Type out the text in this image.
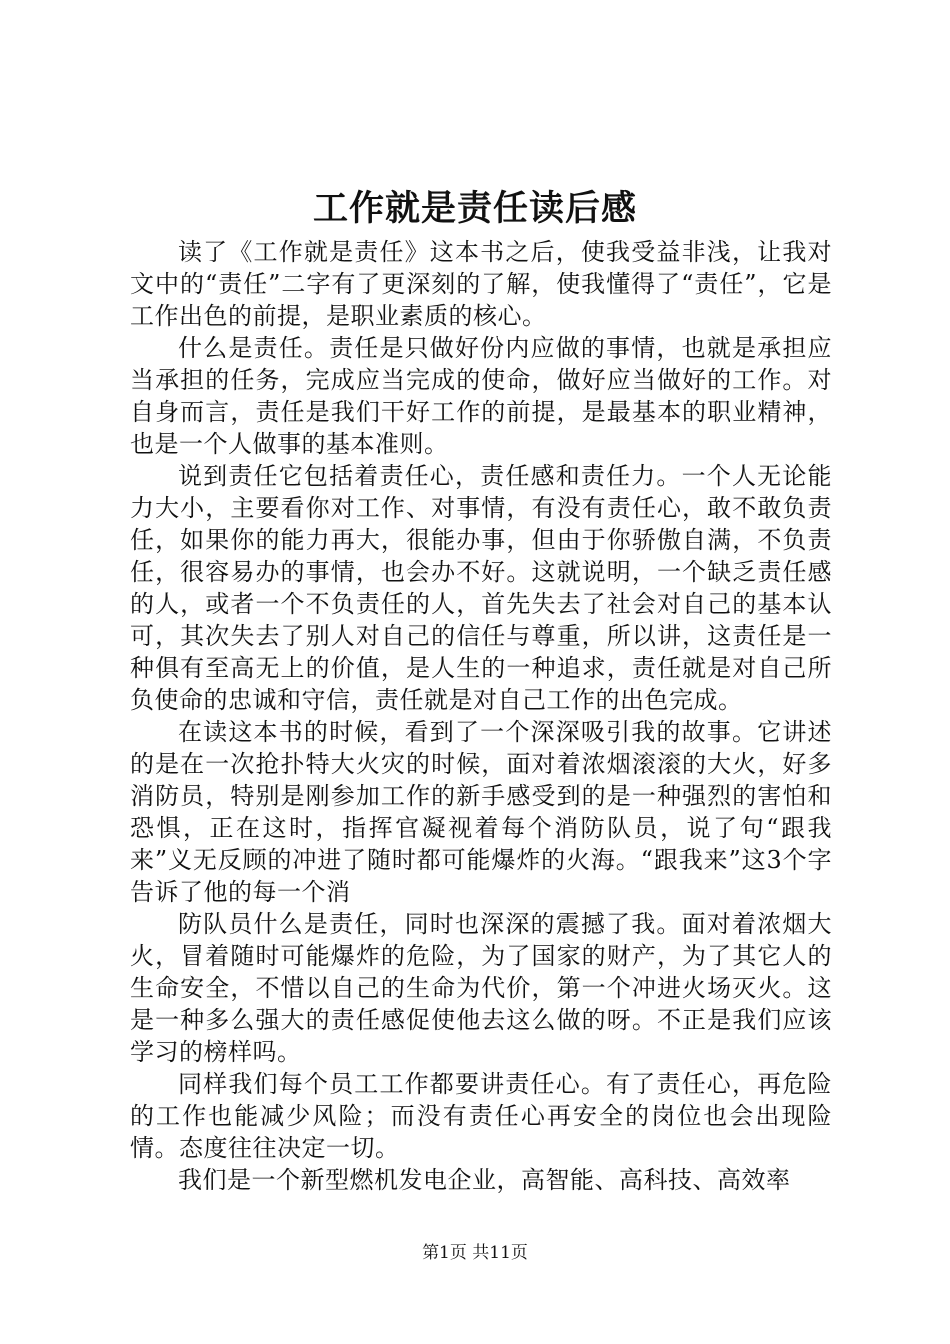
工作就是责任读后感

读了《工作就是责任》这本书之后，使我受益非浅，让我对文中的“责任”二字有了更深刻的了解，使我懂得了“责任”，它是工作出色的前提，是职业素质的核心。

什么是责任。责任是只做好份内应做的事情，也就是承担应当承担的任务，完成应当完成的使命，做好应当做好的工作。对自身而言，责任是我们干好工作的前提，是最基本的职业精神，也是一个人做事的基本准则。

说到责任它包括着责任心，责任感和责任力。一个人无论能力大小，主要看你对工作、对事情，有没有责任心，敢不敢负责任，如果你的能力再大，很能办事，但由于你骄傲自满，不负责任，很容易办的事情，也会办不好。这就说明，一个缺乏责任感的人，或者一个不负责任的人，首先失去了社会对自己的基本认可，其次失去了别人对自己的信任与尊重，所以讲，这责任是一种俱有至高无上的价值，是人生的一种追求，责任就是对自己所负使命的忠诚和守信，责任就是对自己工作的出色完成。

在读这本书的时候，看到了一个深深吸引我的故事。它讲述的是在一次抢扑特大火灾的时候，面对着浓烟滚滚的大火，好多消防员，特别是刚参加工作的新手感受到的是一种强烈的害怕和恐惧，正在这时，指挥官凝视着每个消防队员，说了句“跟我来”义无反顾的冲进了随时都可能爆炸的火海。“跟我来”这3个字告诉了他的每一个消

防队员什么是责任，同时也深深的震撼了我。面对着浓烟大火，冒着随时可能爆炸的危险，为了国家的财产，为了其它人的生命安全，不惜以自己的生命为代价，第一个冲进火场灭火。这是一种多么强大的责任感促使他去这么做的呀。不正是我们应该学习的榜样吗。

同样我们每个员工工作都要讲责任心。有了责任心，再危险的工作也能减少风险；而没有责任心再安全的岗位也会出现险情。态度往往决定一切。

我们是一个新型燃机发电企业，高智能、高科技、高效率

第1页 共11页
